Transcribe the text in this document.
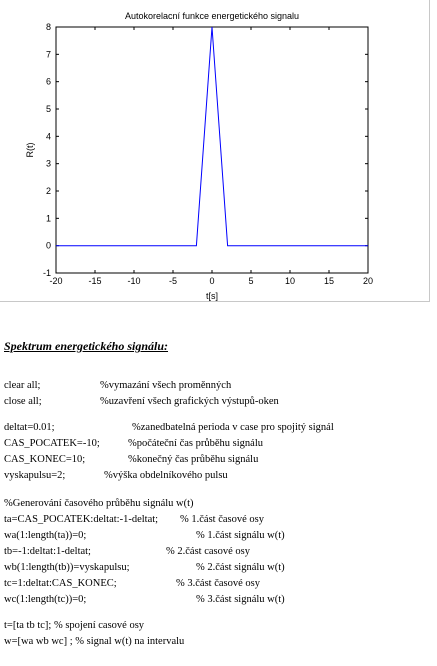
Autokorelacní funkce energetického signalu
-20	-15	-10	-5	0	5	10	15	20
-1
0
1
2
3
4
5
6
7
8
t[s]
R(t)
Spektrum energetického signálu:
clear all;	%vymazání všech proměnných
close all;	%uzavření všech grafických výstupů-oken
deltat=0.01;	%zanedbatelná perioda v case pro spojitý signál
CAS_POCATEK=-10;	%počáteční čas průběhu signálu
CAS_KONEC=10;	%konečný čas průběhu signálu
vyskapulsu=2;	%výška obdelníkového pulsu
%Generování časového průběhu signálu w(t)
ta=CAS_POCATEK:deltat:-1-deltat; % 1.část časové osy
wa(1:length(ta))=0;	% 1.část signálu w(t)
tb=-1:deltat:1-deltat;	% 2.část casové osy
wb(1:length(tb))=vyskapulsu;	% 2.část signálu w(t)
tc=1:deltat:CAS_KONEC;	% 3.část časové osy
wc(1:length(tc))=0;	% 3.část signálu w(t)
t=[ta tb tc]; % spojení casové osy
w=[wa wb wc] ; % signal w(t) na intervalu
